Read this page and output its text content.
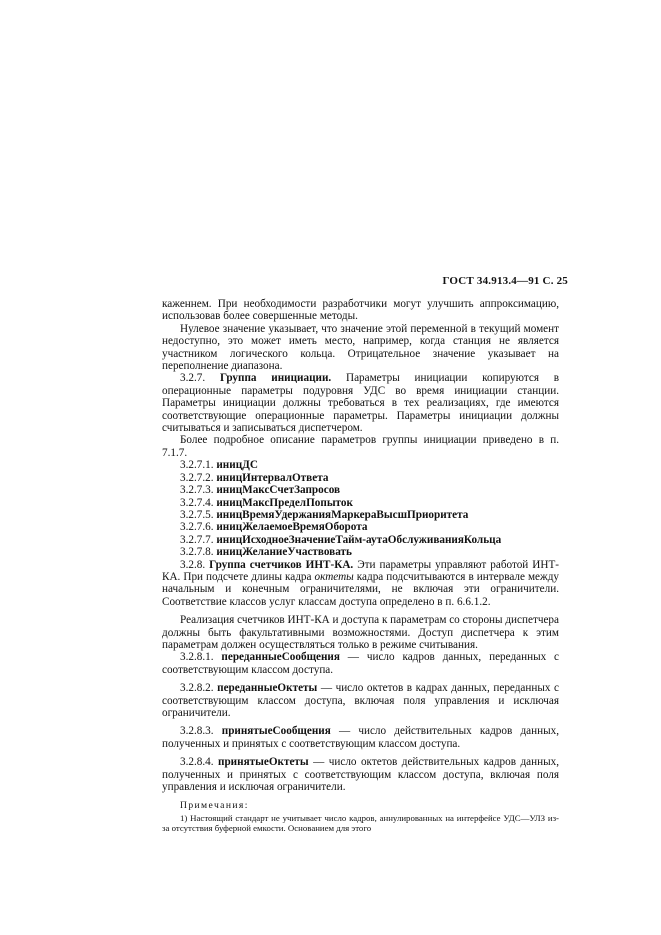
ГОСТ 34.913.4—91 С. 25

каженнем. При необходимости разработчики могут улучшить аппроксимацию, использовав более совершенные методы.

Нулевое значение указывает, что значение этой переменной в текущий момент недоступно, это может иметь место, например, когда станция не является участником логического кольца. Отрицательное значение указывает на переполнение диапазона.

3.2.7. Группа инициации. Параметры инициации копируются в операционные параметры подуровня УДС во время инициации станции. Параметры инициации должны требоваться в тех реализациях, где имеются соответствующие операционные параметры. Параметры инициации должны считываться и записываться диспетчером.

Более подробное описание параметров группы инициации приведено в п. 7.1.7.

3.2.7.1. иницДС

3.2.7.2. иницИнтервалОтвета

3.2.7.3. иницМаксСчетЗапросов

3.2.7.4. иницМаксПределПопыток

3.2.7.5. иницВремяУдержанияМаркераВысшПриоритета

3.2.7.6. иницЖелаемоеВремяОборота

3.2.7.7. иницИсходноеЗначениеТайм-аутаОбслуживанияКольца

3.2.7.8. иницЖеланиеУчаствовать

3.2.8. Группа счетчиков ИНТ-КА. Эти параметры управляют работой ИНТ-КА. При подсчете длины кадра октеты кадра подсчитываются в интервале между начальным и конечным ограничителями, не включая эти ограничители. Соответствие классов услуг классам доступа определено в п. 6.6.1.2.

Реализация счетчиков ИНТ-КА и доступа к параметрам со стороны диспетчера должны быть факультативными возможностями. Доступ диспетчера к этим параметрам должен осуществляться только в режиме считывания.

3.2.8.1. переданныеСообщения — число кадров данных, переданных с соответствующим классом доступа.

3.2.8.2. переданныеОктеты — число октетов в кадрах данных, переданных с соответствующим классом доступа, включая поля управления и исключая ограничители.

3.2.8.3. принятыеСообщения — число действительных кадров данных, полученных и принятых с соответствующим классом доступа.

3.2.8.4. принятыеОктеты — число октетов действительных кадров данных, полученных и принятых с соответствующим классом доступа, включая поля управления и исключая ограничители.

Примечания:

1) Настоящий стандарт не учитывает число кадров, аннулированных на интерфейсе УДС—УЛЗ из-за отсутствия буферной емкости. Основанием для этого
